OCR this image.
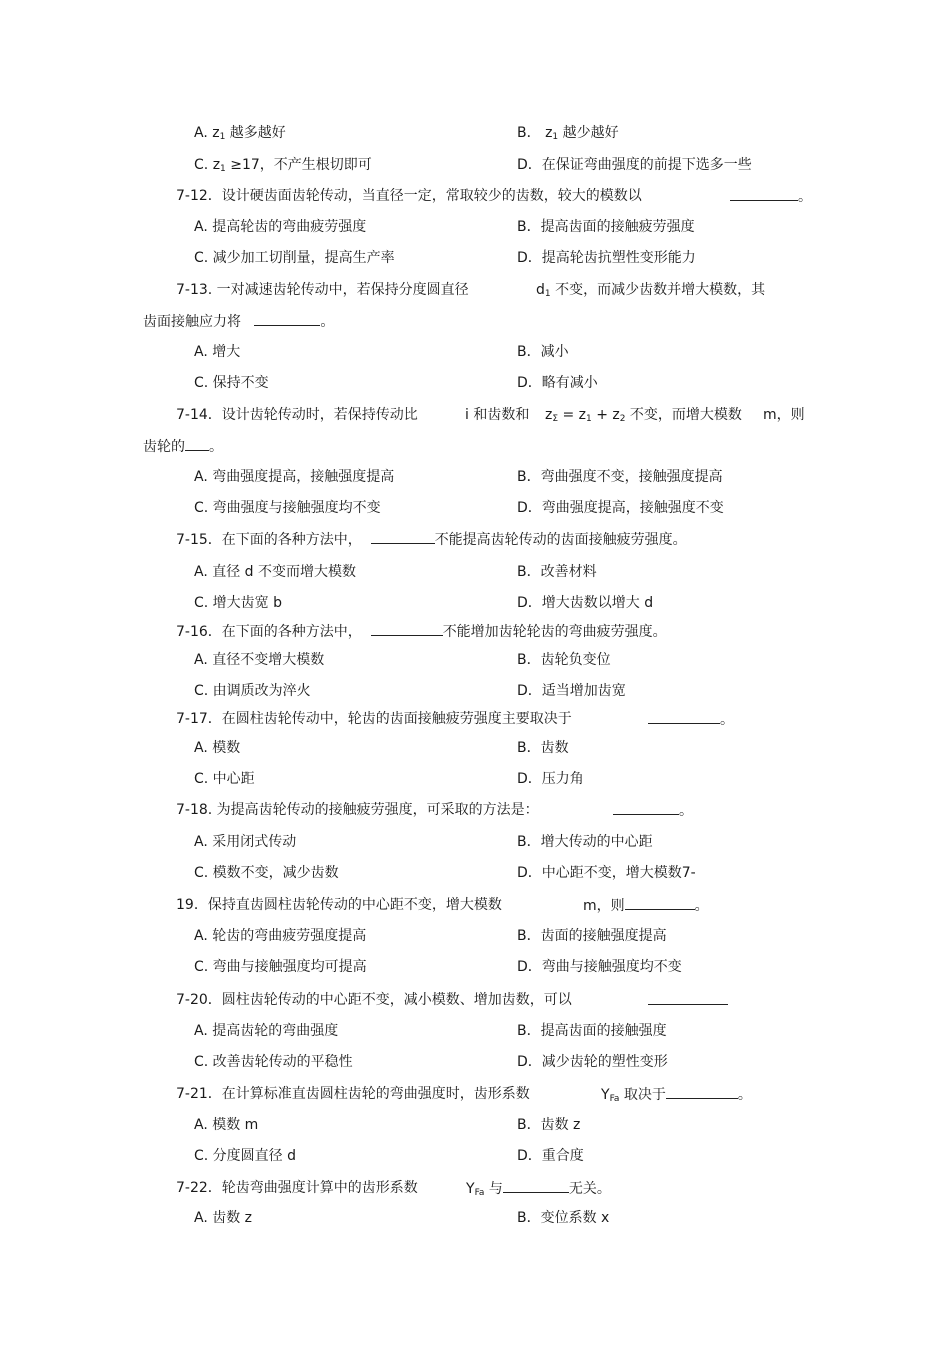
A. $z_1$ 越多越好	B． $z_1$ 越少越好
C. $z_1 \ge 17$，不产生根切即可	D．在保证弯曲强度的前提下选多一些
7-12．设计硬齿面齿轮传动，当直径一定，常取较少的齿数，较大的模数以	。
A. 提高轮齿的弯曲疲劳强度	B．提高齿面的接触疲劳强度
C. 减少加工切削量，提高生产率	D．提高轮齿抗塑性变形能力
7-13. 一对减速齿轮传动中，若保持分度圆直径	$d_1$ 不变，而减少齿数并增大模数，其
齿面接触应力将	。
A. 增大	B．减小
C. 保持不变	D．略有减小
7-14．设计齿轮传动时，若保持传动比	i 和齿数和 $z_\Sigma = z_1 + z_2$ 不变，而增大模数 m，则
齿轮的 。
A. 弯曲强度提高，接触强度提高	B．弯曲强度不变，接触强度提高
C. 弯曲强度与接触强度均不变	D．弯曲强度提高，接触强度不变
7-15．在下面的各种方法中，	不能提高齿轮传动的齿面接触疲劳强度。
A. 直径 d 不变而增大模数	B．改善材料
C. 增大齿宽 b	D．增大齿数以增大 d
7-16．在下面的各种方法中，	不能增加齿轮轮齿的弯曲疲劳强度。
A. 直径不变增大模数	B．齿轮负变位
C. 由调质改为淬火	D．适当增加齿宽
7-17．在圆柱齿轮传动中，轮齿的齿面接触疲劳强度主要取决于	。
A. 模数	B．齿数
C. 中心距	D．压力角
7-18. 为提高齿轮传动的接触疲劳强度，可采取的方法是：	。
A. 采用闭式传动	B．增大传动的中心距
C. 模数不变，减少齿数	D．中心距不变，增大模数7-
19．保持直齿圆柱齿轮传动的中心距不变，增大模数	m，则	。
A. 轮齿的弯曲疲劳强度提高	B．齿面的接触强度提高
C. 弯曲与接触强度均可提高	D．弯曲与接触强度均不变
7-20．圆柱齿轮传动的中心距不变，减小模数、增加齿数，可以
A. 提高齿轮的弯曲强度	B．提高齿面的接触强度
C. 改善齿轮传动的平稳性	D．减少齿轮的塑性变形
7-21．在计算标准直齿圆柱齿轮的弯曲强度时，齿形系数	$Y_{Fa}$ 取决于	。
A. 模数 m	B．齿数 z
C. 分度圆直径 d	D．重合度
7-22．轮齿弯曲强度计算中的齿形系数	$Y_{Fa}$ 与	无关。
A. 齿数 z	B．变位系数 x
